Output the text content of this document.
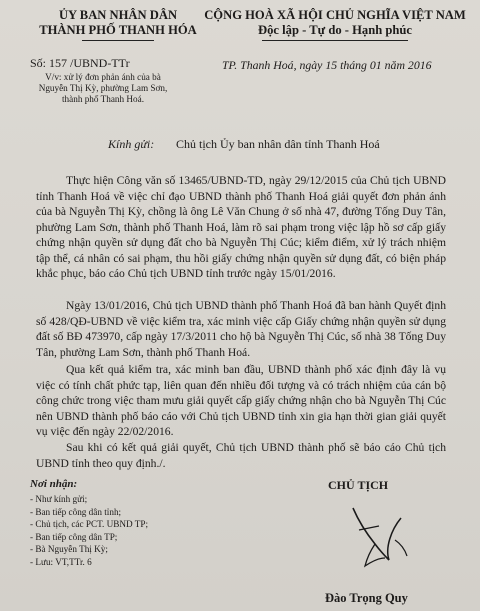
ỦY BAN NHÂN DÂN
THÀNH PHỐ THANH HÓA
CỘNG HOÀ XÃ HỘI CHỦ NGHĨA VIỆT NAM
Độc lập - Tự do - Hạnh phúc
Số: 157 /UBND-TTr
V/v: xử lý đơn phản ánh của bà
Nguyễn Thị Kỳ, phường Lam Sơn,
thành phố Thanh Hoá.
TP. Thanh Hoá, ngày 15 tháng 01 năm 2016
Kính gửi: Chủ tịch Ủy ban nhân dân tỉnh Thanh Hoá

Thực hiện Công văn số 13465/UBND-TD, ngày 29/12/2015 của Chủ tịch UBND tỉnh Thanh Hoá về việc chỉ đạo UBND thành phố Thanh Hoá giải quyết đơn phản ánh của bà Nguyễn Thị Kỳ, chồng là ông Lê Văn Chung ở số nhà 47, đường Tống Duy Tân, phường Lam Sơn, thành phố Thanh Hoá, làm rõ sai phạm trong việc lập hồ sơ cấp giấy chứng nhận quyền sử dụng đất cho bà Nguyễn Thị Cúc; kiểm điểm, xử lý trách nhiệm tập thể, cá nhân có sai phạm, thu hồi giấy chứng nhận quyền sử dụng đất, có biện pháp khắc phục, báo cáo Chủ tịch UBND tỉnh trước ngày 15/01/2016.

Ngày 13/01/2016, Chủ tịch UBND thành phố Thanh Hoá đã ban hành Quyết định số 428/QĐ-UBND về việc kiểm tra, xác minh việc cấp Giấy chứng nhận quyền sử dụng đất số BĐ 473970, cấp ngày 17/3/2011 cho hộ bà Nguyễn Thị Cúc, số nhà 38 Tống Duy Tân, phường Lam Sơn, thành phố Thanh Hoá.

Qua kết quả kiểm tra, xác minh ban đầu, UBND thành phố xác định đây là vụ việc có tính chất phức tạp, liên quan đến nhiều đối tượng và có trách nhiệm của cán bộ công chức trong việc tham mưu giải quyết cấp giấy chứng nhận cho bà Nguyễn Thị Cúc nên UBND thành phố báo cáo với Chủ tịch UBND tỉnh xin gia hạn thời gian giải quyết vụ việc đến ngày 22/02/2016.

Sau khi có kết quả giải quyết, Chủ tịch UBND thành phố sẽ báo cáo Chủ tịch UBND tỉnh theo quy định./.

Nơi nhận:
- Như kính gửi;
- Ban tiếp công dân tỉnh;
- Chủ tịch, các PCT. UBND TP;
- Ban tiếp công dân TP;
- Bà Nguyễn Thị Kỳ;
- Lưu: VT,TTr. 6
CHỦ TỊCH
Đào Trọng Quy
